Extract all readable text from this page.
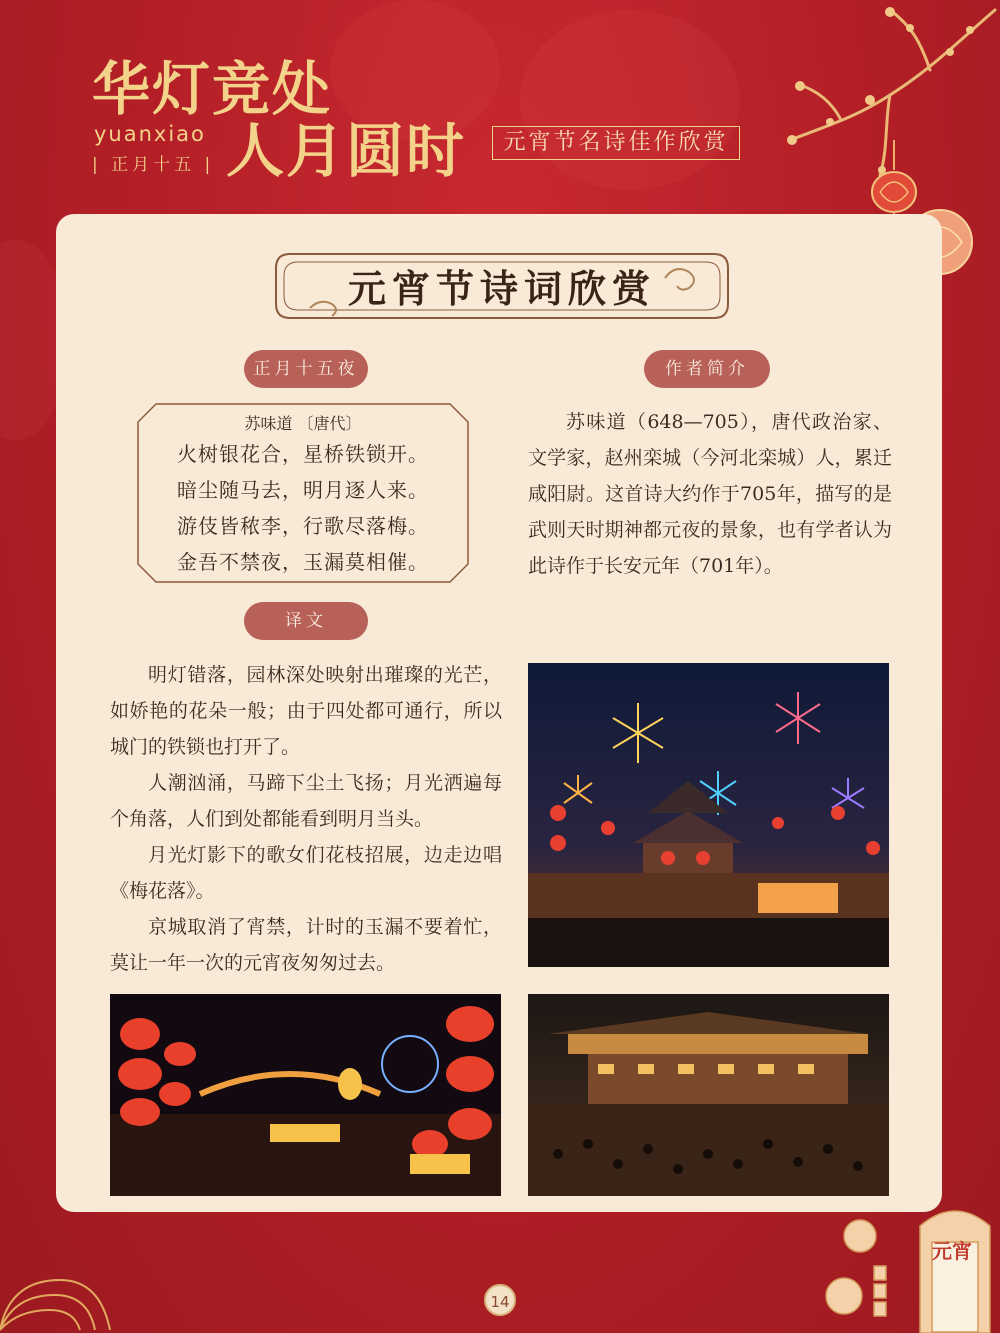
华灯竞处
yuanxiao
| 正月十五 | 人月圆时	元宵节名诗佳作欣赏
元宵节诗词欣赏
正月十五夜
苏味道 〔唐代〕
火树银花合，星桥铁锁开。
暗尘随马去，明月逐人来。
游伎皆秾李，行歌尽落梅。
金吾不禁夜，玉漏莫相催。
译文
明灯错落，园林深处映射出璀璨的光芒，如娇艳的花朵一般；由于四处都可通行，所以城门的铁锁也打开了。
人潮汹涌，马蹄下尘土飞扬；月光洒遍每个角落，人们到处都能看到明月当头。
月光灯影下的歌女们花枝招展，边走边唱《梅花落》。
京城取消了宵禁，计时的玉漏不要着忙，莫让一年一次的元宵夜匆匆过去。
作者简介
苏味道（648—705），唐代政治家、文学家，赵州栾城（今河北栾城）人，累迁咸阳尉。这首诗大约作于705年，描写的是武则天时期神都元夜的景象，也有学者认为此诗作于长安元年（701年）。
元宵
14
